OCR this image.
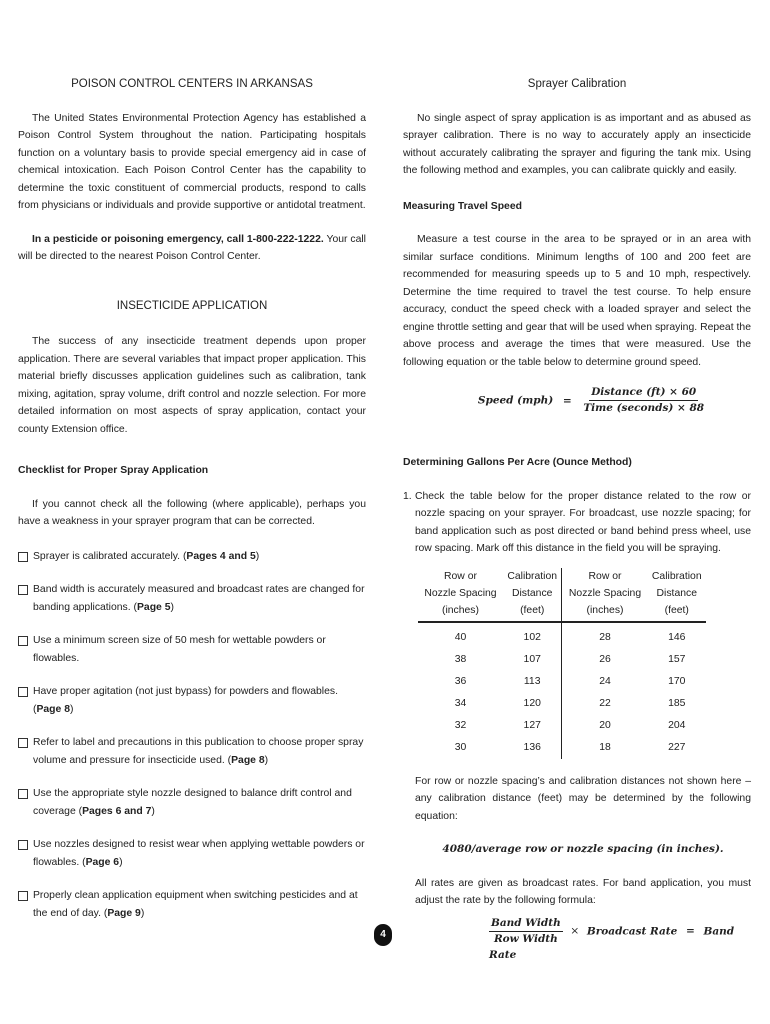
POISON CONTROL CENTERS IN ARKANSAS

The United States Environmental Protection Agency has established a Poison Control System throughout the nation. Participating hospitals function on a voluntary basis to provide special emergency aid in case of chemical intoxication. Each Poison Control Center has the capability to determine the toxic constituent of commercial products, respond to calls from physicians or individuals and provide supportive or antidotal treatment.

In a pesticide or poisoning emergency, call 1-800-222-1222. Your call will be directed to the nearest Poison Control Center.

INSECTICIDE APPLICATION

The success of any insecticide treatment depends upon proper application. There are several variables that impact proper application. This material briefly discusses application guidelines such as calibration, tank mixing, agitation, spray volume, drift control and nozzle selection. For more detailed information on most aspects of spray application, contact your county Extension office.

Checklist for Proper Spray Application

If you cannot check all the following (where applicable), perhaps you have a weakness in your sprayer program that can be corrected.

Sprayer is calibrated accurately. (Pages 4 and 5)
Band width is accurately measured and broadcast rates are changed for banding applications. (Page 5)
Use a minimum screen size of 50 mesh for wettable powders or flowables.
Have proper agitation (not just bypass) for powders and flowables. (Page 8)
Refer to label and precautions in this publication to choose proper spray volume and pressure for insecticide used. (Page 8)
Use the appropriate style nozzle designed to balance drift control and coverage (Pages 6 and 7)
Use nozzles designed to resist wear when applying wettable powders or flowables. (Page 6)
Properly clean application equipment when switching pesticides and at the end of day. (Page 9)
Sprayer Calibration

No single aspect of spray application is as important and as abused as sprayer calibration. There is no way to accurately apply an insecticide without accurately calibrating the sprayer and figuring the tank mix. Using the following method and examples, you can calibrate quickly and easily.

Measuring Travel Speed

Measure a test course in the area to be sprayed or in an area with similar surface conditions. Minimum lengths of 100 and 200 feet are recommended for measuring speeds up to 5 and 10 mph, respectively. Determine the time required to travel the test course. To help ensure accuracy, conduct the speed check with a loaded sprayer and select the engine throttle setting and gear that will be used when spraying. Repeat the above process and average the times that were measured. Use the following equation or the table below to determine ground speed.

Speed $(mph) = \frac{\text{Distance (ft) × 60}}{\text{Time (seconds) × 88}}$
Determining Gallons Per Acre (Ounce Method)
1. Check the table below for the proper distance related to the row or nozzle spacing on your sprayer. For broadcast, use nozzle spacing; for band application such as post directed or band behind press wheel, use row spacing. Mark off this distance in the field you will be spraying.

Row or
Nozzle Spacing
(inches)	Calibration
Distance
(feet)	Row or
Nozzle Spacing
(inches)	Calibration
Distance
(feet)
40	102	28	146
38	107	26	157
36	113	24	170
34	120	22	185
32	127	20	204
30	136	18	227

For row or nozzle spacing’s and calibration distances not shown here – any calibration distance (feet) may be determined by the following equation:

4080/average row or nozzle spacing (in inches).

All rates are given as broadcast rates. For band application, you must adjust the rate by the following formula:

$\frac{\text{Band Width}}{\text{Row Width}}$ × Broadcast Rate = Band Rate
4
